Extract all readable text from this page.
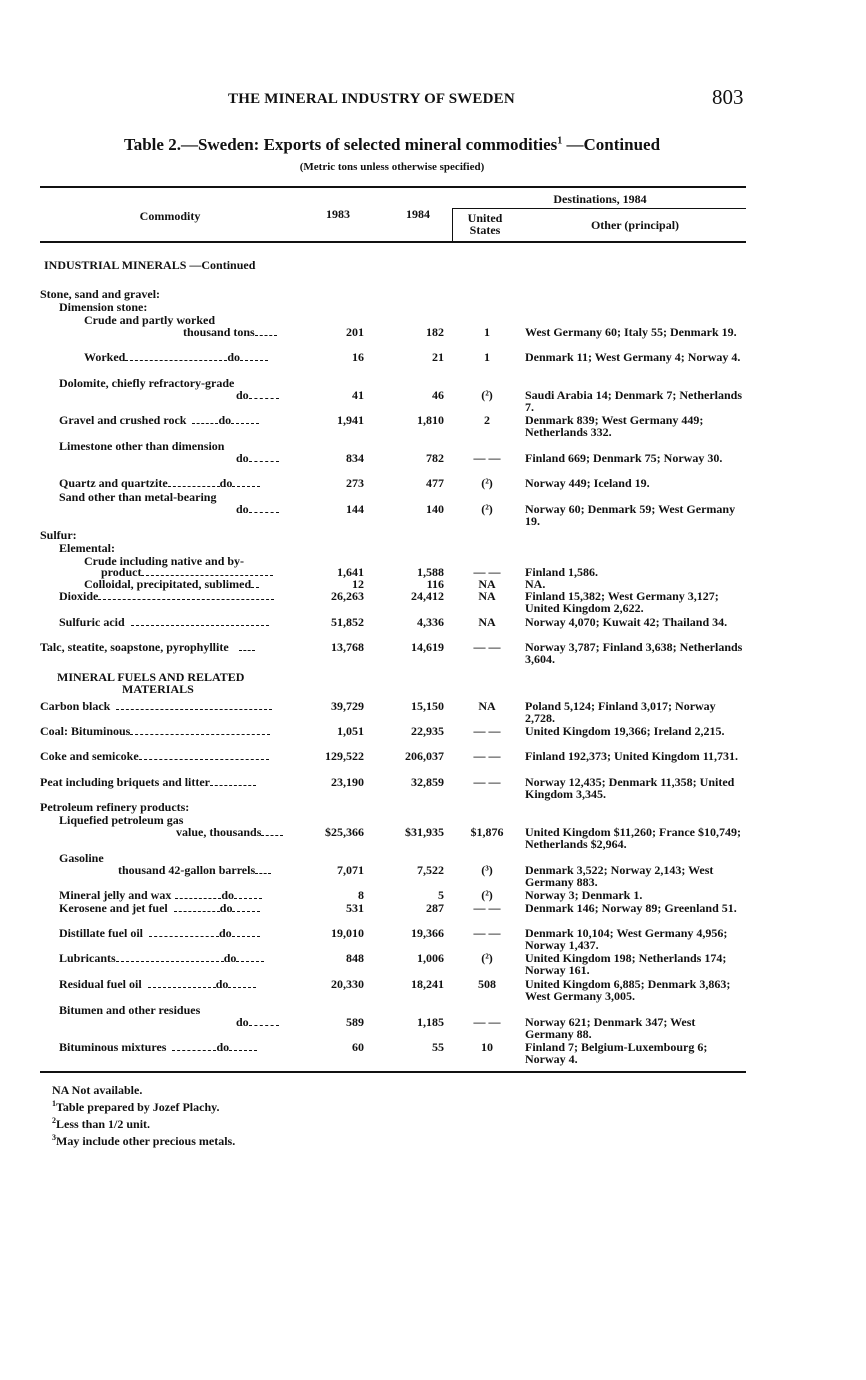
THE MINERAL INDUSTRY OF SWEDEN	803
Table 2.—Sweden: Exports of selected mineral commodities$^1$ —Continued
(Metric tons unless otherwise specified)
Commodity	1983	1984
Destinations, 1984
United States	Other (principal)
INDUSTRIAL MINERALS —Continued
Stone, sand and gravel:
Dimension stone:
Crude and partly worked
thousand tons	201	182	1	West Germany 60; Italy 55; Denmark 19.
Worked	do	16	21	1	Denmark 11; West Germany 4; Norway 4.
Dolomite, chiefly refractory-grade
do	41	46	(²)	Saudi Arabia 14; Denmark 7; Netherlands 7.
Gravel and crushed rock	do	1,941	1,810	2	Denmark 839; West Germany 449; Netherlands 332.
Limestone other than dimension
do	834	782	— —	Finland 669; Denmark 75; Norway 30.
Quartz and quartzite	do	273	477	(²)	Norway 449; Iceland 19.
Sand other than metal-bearing
do	144	140	(²)	Norway 60; Denmark 59; West Germany 19.
Sulfur:
Elemental:
Crude including native and by-
product	1,641	1,588	— —	Finland 1,586.
Colloidal, precipitated, sublimed	12	116	NA	NA.
Dioxide	26,263	24,412	NA	Finland 15,382; West Germany 3,127; United Kingdom 2,622.
Sulfuric acid	51,852	4,336	NA	Norway 4,070; Kuwait 42; Thailand 34.
Talc, steatite, soapstone, pyrophyllite	13,768	14,619	— —	Norway 3,787; Finland 3,638; Netherlands 3,604.
MINERAL FUELS AND RELATED
MATERIALS
Carbon black	39,729	15,150	NA	Poland 5,124; Finland 3,017; Norway 2,728.
Coal: Bituminous	1,051	22,935	— —	United Kingdom 19,366; Ireland 2,215.
Coke and semicoke	129,522	206,037	— —	Finland 192,373; United Kingdom 11,731.
Peat including briquets and litter	23,190	32,859	— —	Norway 12,435; Denmark 11,358; United Kingdom 3,345.
Petroleum refinery products:
Liquefied petroleum gas
value, thousands	$25,366	$31,935	$1,876	United Kingdom $11,260; France $10,749; Netherlands $2,964.
Gasoline
thousand 42-gallon barrels	7,071	7,522	(³)	Denmark 3,522; Norway 2,143; West Germany 883.
Mineral jelly and wax	do	8	5	(²)	Norway 3; Denmark 1.
Kerosene and jet fuel	do	531	287	— —	Denmark 146; Norway 89; Greenland 51.
Distillate fuel oil	do	19,010	19,366	— —	Denmark 10,104; West Germany 4,956; Norway 1,437.
Lubricants	do	848	1,006	(²)	United Kingdom 198; Netherlands 174; Norway 161.
Residual fuel oil	do	20,330	18,241	508	United Kingdom 6,885; Denmark 3,863; West Germany 3,005.
Bitumen and other residues
do	589	1,185	— —	Norway 621; Denmark 347; West Germany 88.
Bituminous mixtures	do	60	55	10	Finland 7; Belgium-Luxembourg 6; Norway 4.
NA Not available.
$^1$Table prepared by Jozef Plachy.
$^2$Less than 1/2 unit.
$^3$May include other precious metals.
